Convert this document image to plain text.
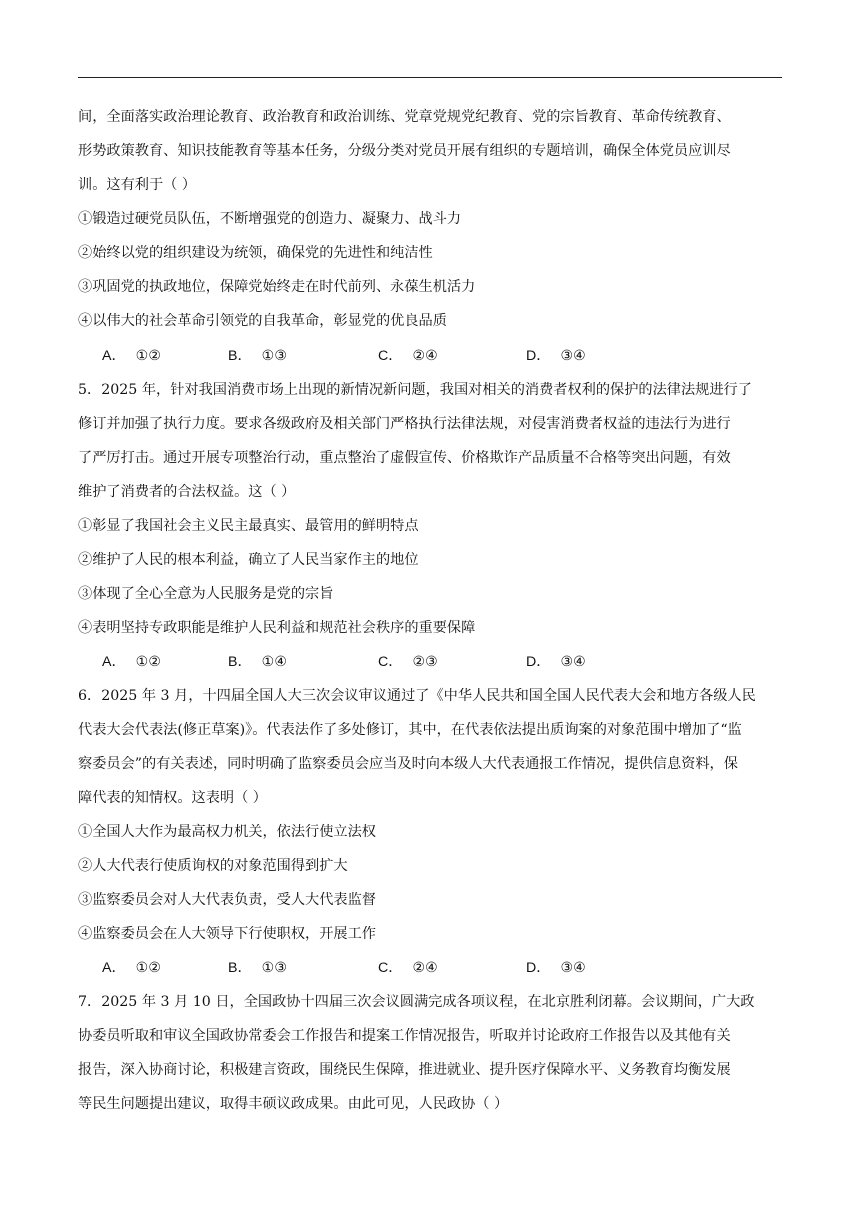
间，全面落实政治理论教育、政治教育和政治训练、党章党规党纪教育、党的宗旨教育、革命传统教育、
形势政策教育、知识技能教育等基本任务，分级分类对党员开展有组织的专题培训，确保全体党员应训尽
训。这有利于（ ）
①锻造过硬党员队伍，不断增强党的创造力、凝聚力、战斗力
②始终以党的组织建设为统领，确保党的先进性和纯洁性
③巩固党的执政地位，保障党始终走在时代前列、永葆生机活力
④以伟大的社会革命引领党的自我革命，彰显党的优良品质
A． ①②	B． ①③	C． ②④	D． ③④
5．2025 年，针对我国消费市场上出现的新情况新问题，我国对相关的消费者权利的保护的法律法规进行了
修订并加强了执行力度。要求各级政府及相关部门严格执行法律法规，对侵害消费者权益的违法行为进行
了严厉打击。通过开展专项整治行动，重点整治了虚假宣传、价格欺诈产品质量不合格等突出问题，有效
维护了消费者的合法权益。这（ ）
①彰显了我国社会主义民主最真实、最管用的鲜明特点
②维护了人民的根本利益，确立了人民当家作主的地位
③体现了全心全意为人民服务是党的宗旨
④表明坚持专政职能是维护人民利益和规范社会秩序的重要保障
A． ①②	B． ①④	C． ②③	D． ③④
6．2025 年 3 月，十四届全国人大三次会议审议通过了《中华人民共和国全国人民代表大会和地方各级人民
代表大会代表法(修正草案)》。代表法作了多处修订，其中，在代表依法提出质询案的对象范围中增加了“监
察委员会”的有关表述，同时明确了监察委员会应当及时向本级人大代表通报工作情况，提供信息资料，保
障代表的知情权。这表明（ ）
①全国人大作为最高权力机关，依法行使立法权
②人大代表行使质询权的对象范围得到扩大
③监察委员会对人大代表负责，受人大代表监督
④监察委员会在人大领导下行使职权，开展工作
A． ①②	B． ①③	C． ②④	D． ③④
7．2025 年 3 月 10 日，全国政协十四届三次会议圆满完成各项议程，在北京胜利闭幕。会议期间，广大政
协委员听取和审议全国政协常委会工作报告和提案工作情况报告，听取并讨论政府工作报告以及其他有关
报告，深入协商讨论，积极建言资政，围绕民生保障，推进就业、提升医疗保障水平、义务教育均衡发展
等民生问题提出建议，取得丰硕议政成果。由此可见，人民政协（ ）
